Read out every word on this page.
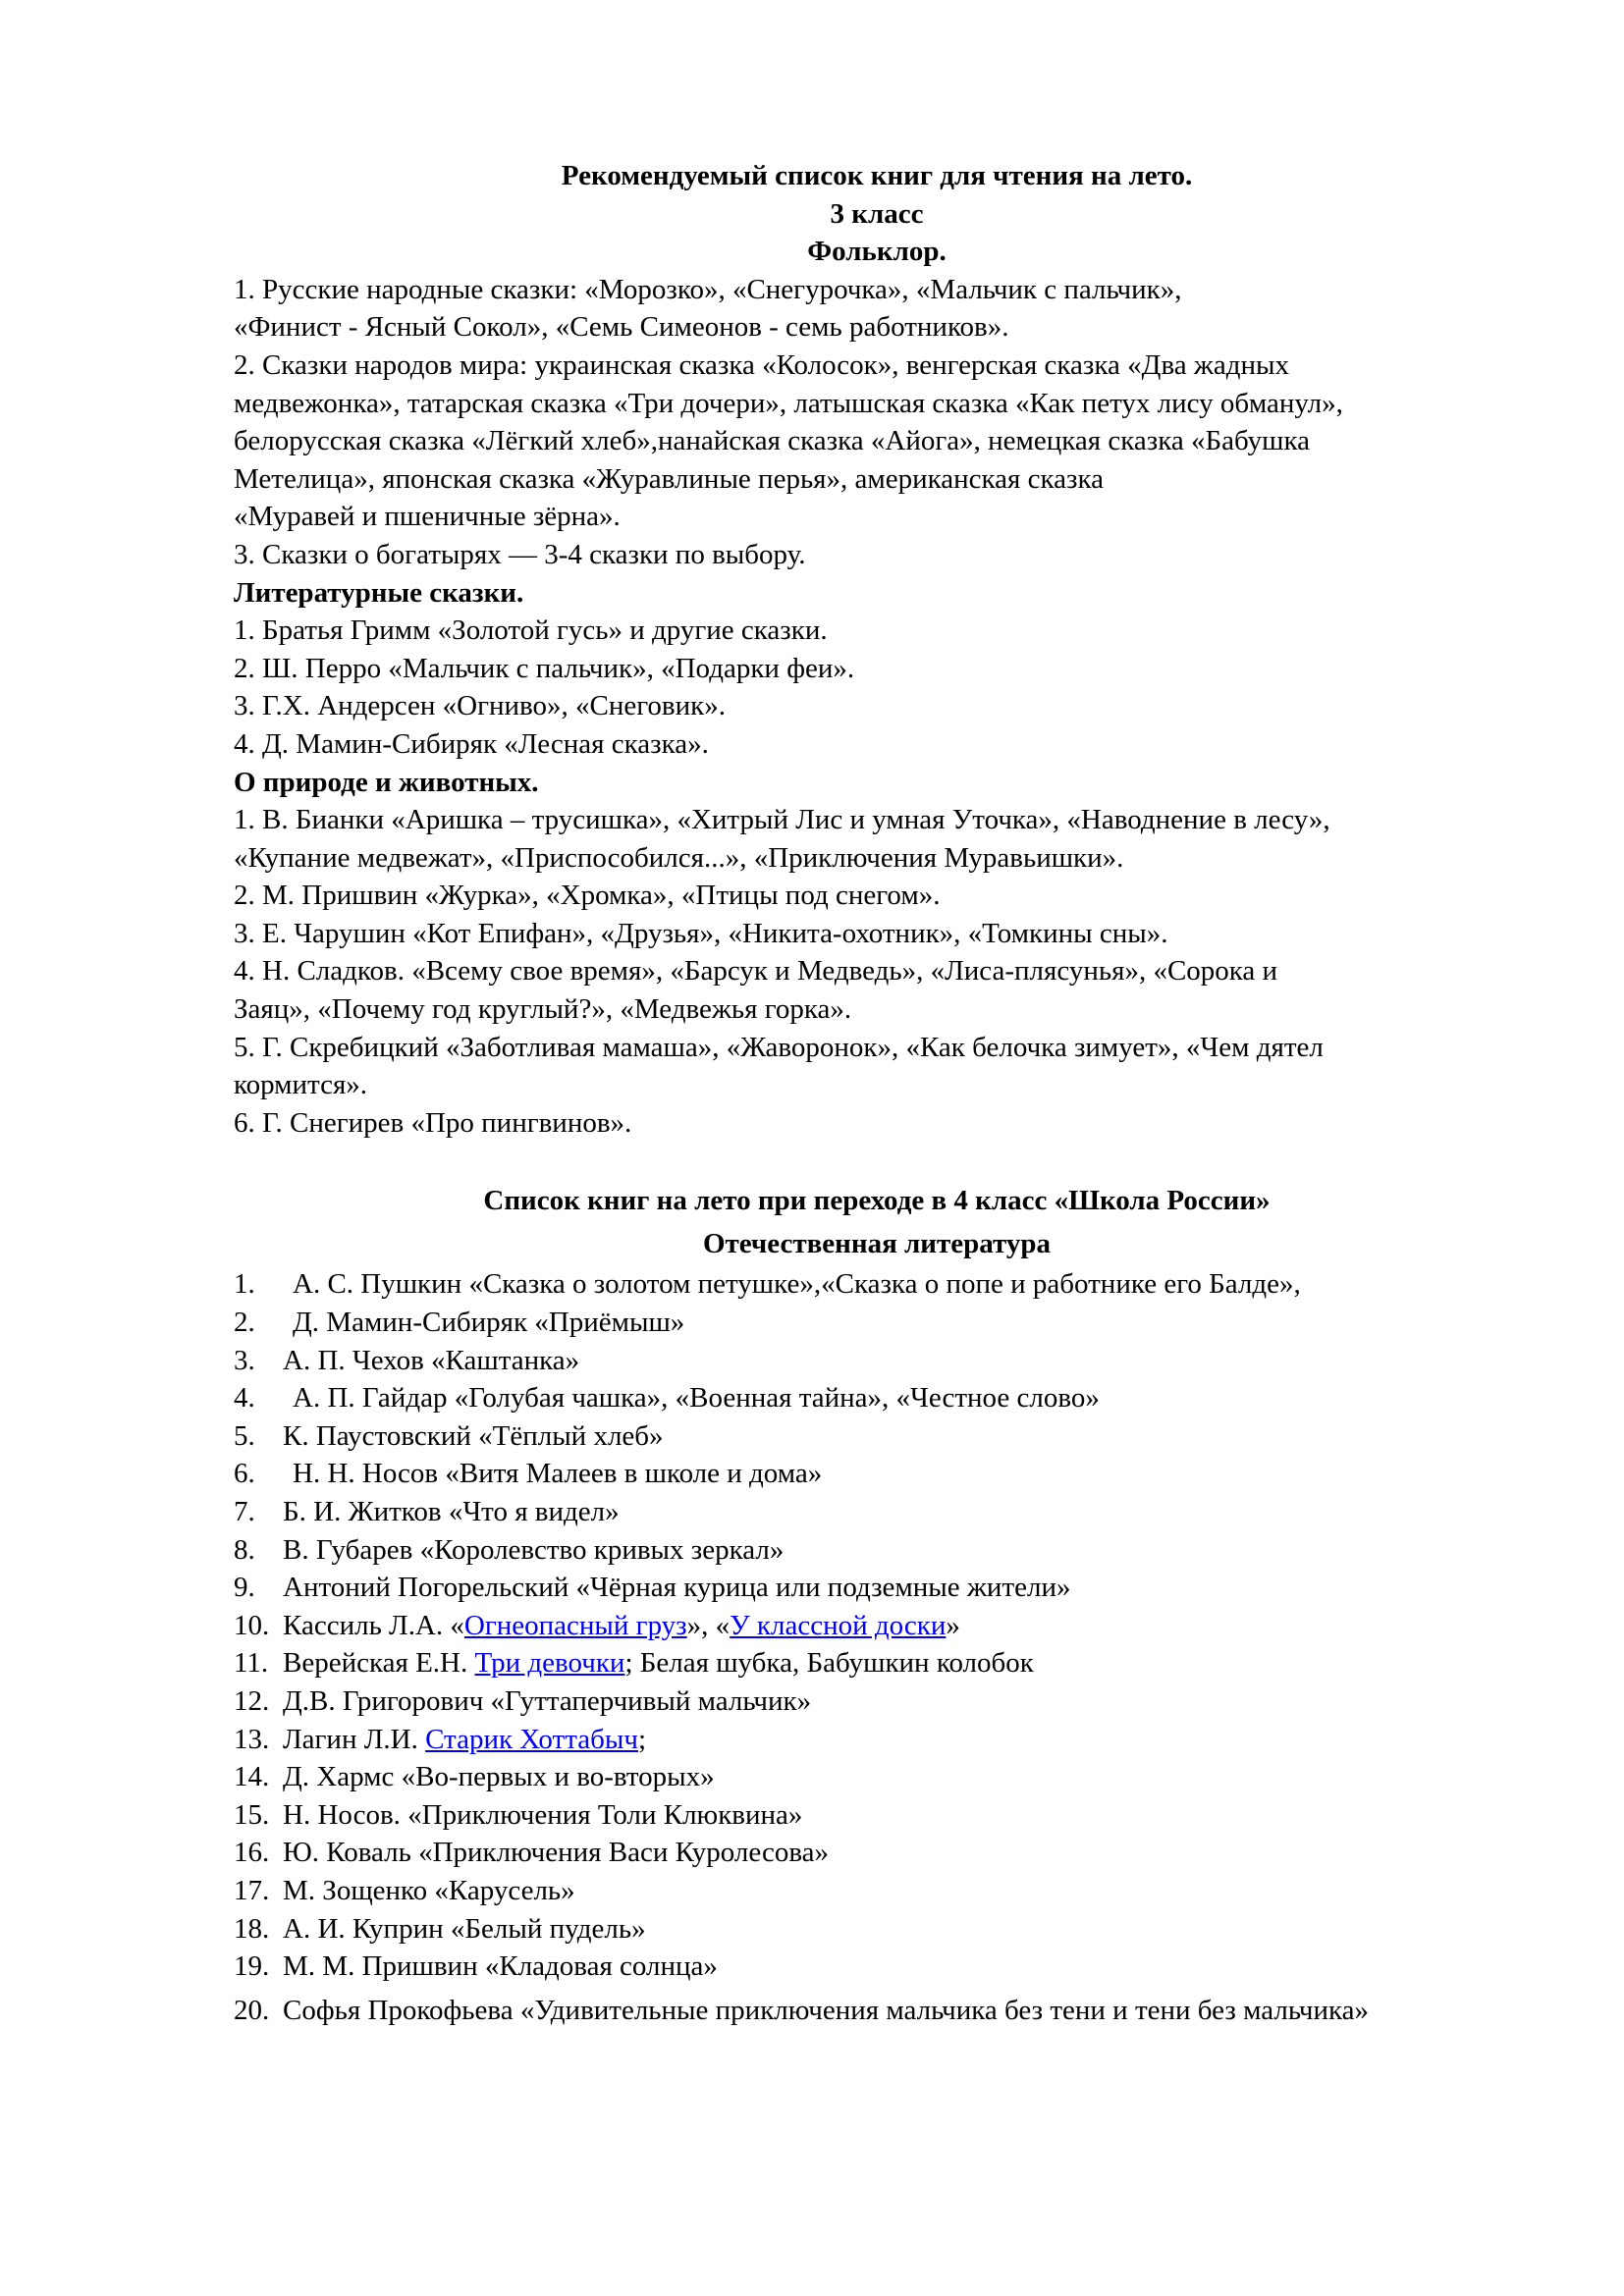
Рекомендуемый список книг для чтения на лето.

3 класс

Фольклор.

1. Русские народные сказки: «Морозко», «Снегурочка», «Мальчик с пальчик»,

«Финист - Ясный Сокол», «Семь Симеонов - семь работников».

2. Сказки народов мира: украинская сказка «Колосок», венгерская сказка «Два жадных

медвежонка», татарская сказка «Три дочери», латышская сказка «Как петух лису обманул»,

белорусская сказка «Лёгкий хлеб»,нанайская сказка «Айога», немецкая сказка «Бабушка

Метелица», японская сказка «Журавлиные перья», американская сказка

«Муравей и пшеничные зёрна».

3. Сказки о богатырях — 3-4 сказки по выбору.

Литературные сказки.

1. Братья Гримм «Золотой гусь» и другие сказки.

2. Ш. Перро «Мальчик с пальчик», «Подарки феи».

3. Г.Х. Андерсен «Огниво», «Снеговик».

4. Д. Мамин-Сибиряк «Лесная сказка».

О природе и животных.

1. В. Бианки «Аришка – трусишка», «Хитрый Лис и умная Уточка», «Наводнение в лесу»,

«Купание медвежат», «Приспособился...», «Приключения Муравьишки».

2. М. Пришвин «Журка», «Хромка», «Птицы под снегом».

3. Е. Чарушин «Кот Епифан», «Друзья», «Никита-охотник», «Томкины сны».

4. Н. Сладков. «Всему свое время», «Барсук и Медведь», «Лиса-плясунья», «Сорока и

Заяц», «Почему год круглый?», «Медвежья горка».

5. Г. Скребицкий «Заботливая мамаша», «Жаворонок», «Как белочка зимует», «Чем дятел

кормится».

6. Г. Снегирев «Про пингвинов».

Список книг на лето при переходе в 4 класс «Школа России»

Отечественная литература

1.	А. С. Пушкин «Сказка о золотом петушке»,«Сказка о попе и работнике его Балде»,
2.	Д. Мамин-Сибиряк «Приёмыш»
3. А. П. Чехов «Каштанка»
4.	А. П. Гайдар «Голубая чашка», «Военная тайна», «Честное слово»
5. К. Паустовский «Тёплый хлеб»
6.	Н. Н. Носов «Витя Малеев в школе и дома»
7. Б. И. Житков «Что я видел»
8. В. Губарев «Королевство кривых зеркал»
9. Антоний Погорельский «Чёрная курица или подземные жители»
10. Кассиль Л.А. «Огнеопасный груз», «У классной доски»
11. Верейская Е.Н. Три девочки; Белая шубка, Бабушкин колобок
12. Д.В. Григорович «Гуттаперчивый мальчик»
13. Лагин Л.И. Старик Хоттабыч;
14. Д. Хармс «Во-первых и во-вторых»
15. Н. Носов. «Приключения Толи Клюквина»
16. Ю. Коваль «Приключения Васи Куролесова»
17. М. Зощенко «Карусель»
18. А. И. Куприн «Белый пудель»
19. М. М. Пришвин «Кладовая солнца»
20. Софья Прокофьева «Удивительные приключения мальчика без тени и тени без мальчика»
